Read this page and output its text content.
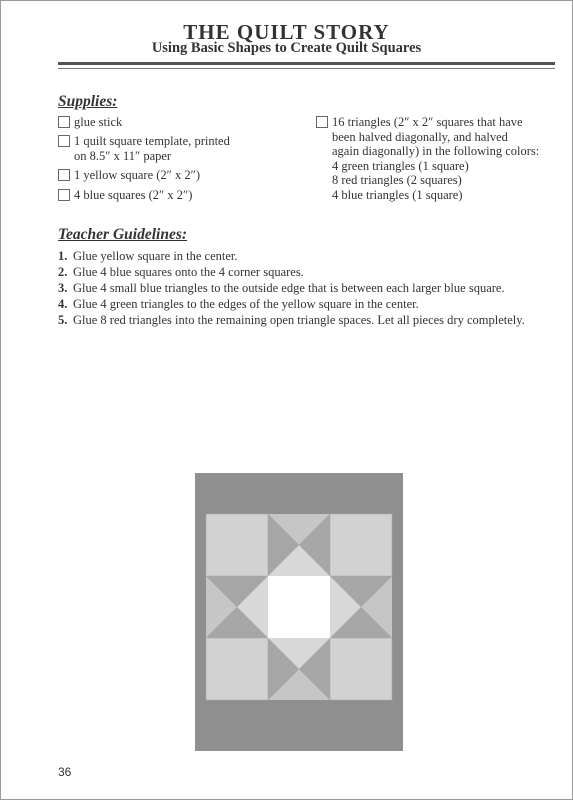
THE QUILT STORY
Using Basic Shapes to Create Quilt Squares
Supplies:
glue stick
1 quilt square template, printed
on 8.5″ x 11″ paper
1 yellow square (2″ x 2″)
4 blue squares (2″ x 2″)
16 triangles (2″ x 2″ squares that have
been halved diagonally, and halved
again diagonally) in the following colors:
4 green triangles (1 square)
8 red triangles (2 squares)
4 blue triangles (1 square)
Teacher Guidelines:
1. Glue yellow square in the center.
2. Glue 4 blue squares onto the 4 corner squares.
3. Glue 4 small blue triangles to the outside edge that is between each larger blue square.
4. Glue 4 green triangles to the edges of the yellow square in the center.
5. Glue 8 red triangles into the remaining open triangle spaces. Let all pieces dry completely.
36
